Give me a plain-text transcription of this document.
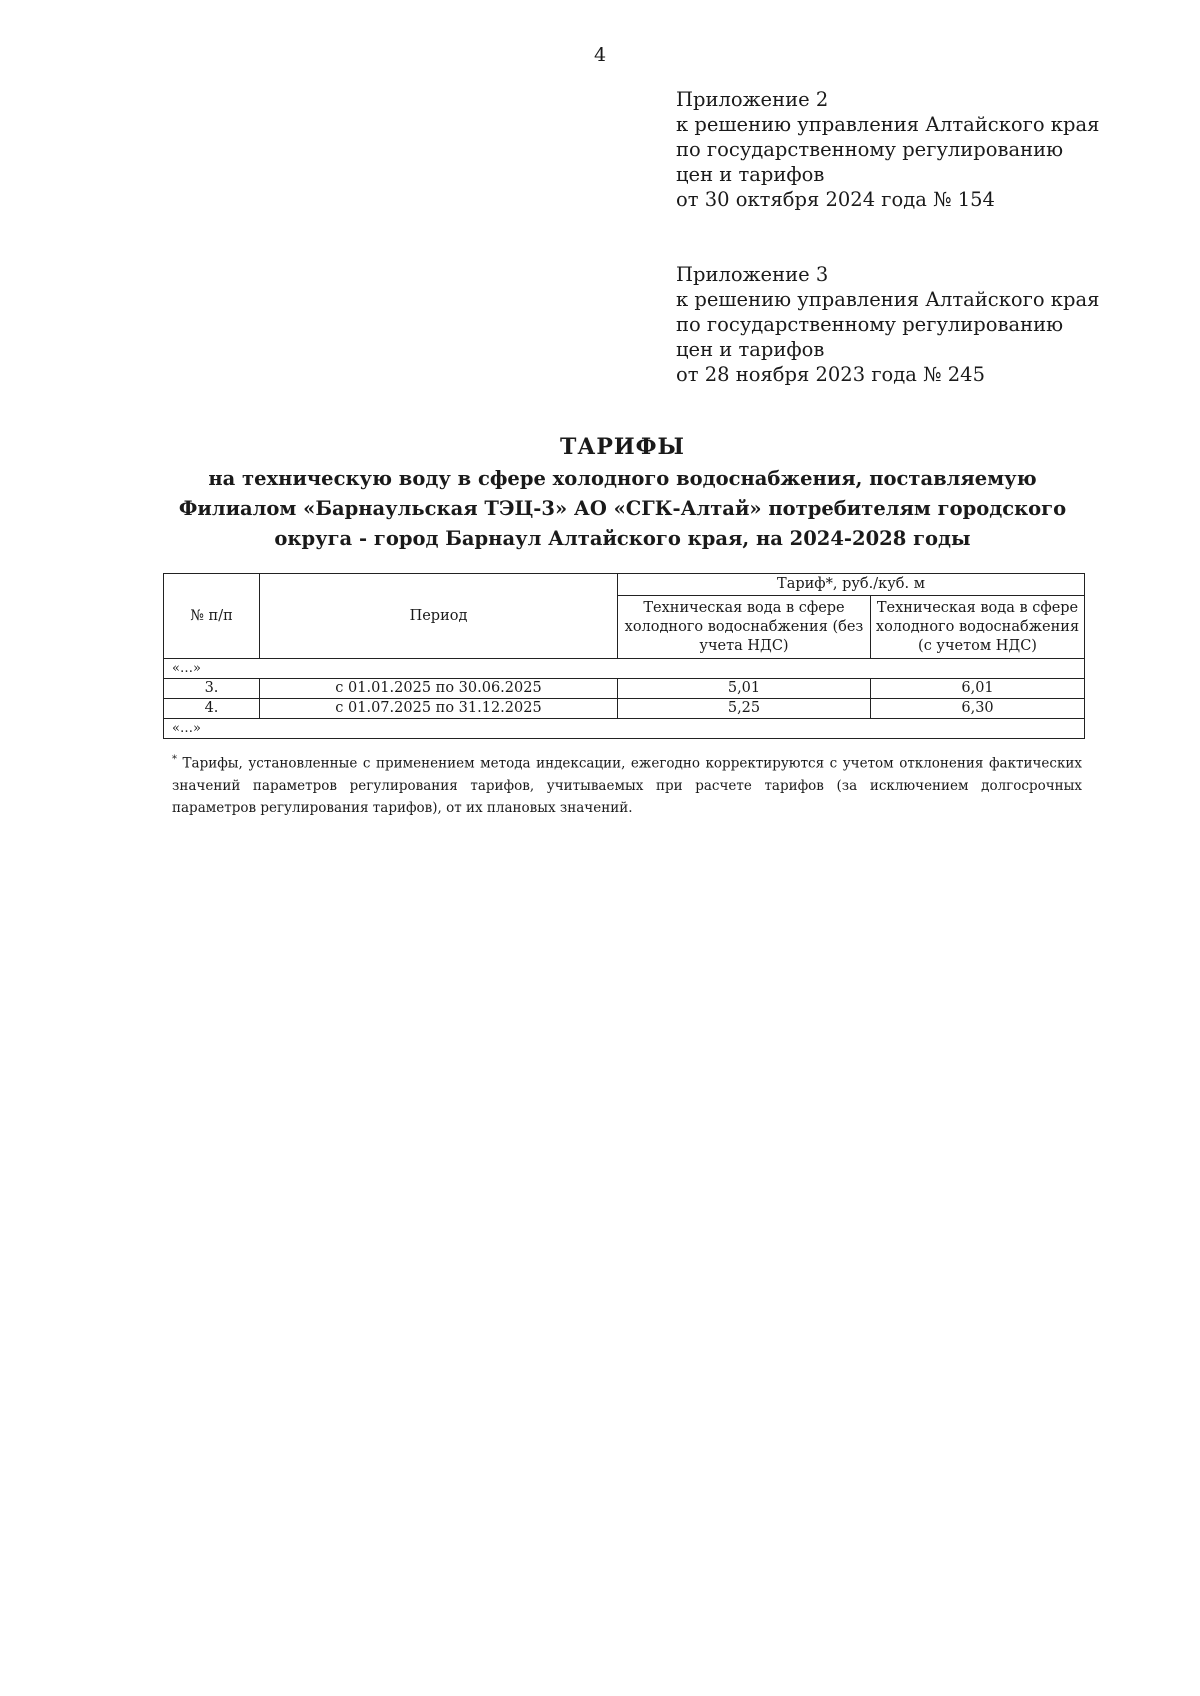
4
Приложение 2
к решению управления Алтайского края
по государственному регулированию
цен и тарифов
от 30 октября 2024 года № 154
Приложение 3
к решению управления Алтайского края
по государственному регулированию
цен и тарифов
от 28 ноября 2023 года № 245
ТАРИФЫ
на техническую воду в сфере холодного водоснабжения, поставляемую Филиалом «Барнаульская ТЭЦ-3» АО «СГК-Алтай» потребителям городского округа - город Барнаул Алтайского края, на 2024-2028 годы
№ п/п	Период	Тариф*, руб./куб. м	
		Техническая вода в сфере холодного водоснабжения (без учета НДС)	Техническая вода в сфере холодного водоснабжения (с учетом НДС)
«…»			
3.	с 01.01.2025 по 30.06.2025	5,01	6,01
4.	с 01.07.2025 по 31.12.2025	5,25	6,30
«…»			
* Тарифы, установленные с применением метода индексации, ежегодно корректируются с учетом отклонения фактических значений параметров регулирования тарифов, учитываемых при расчете тарифов (за исключением долгосрочных параметров регулирования тарифов), от их плановых значений.
